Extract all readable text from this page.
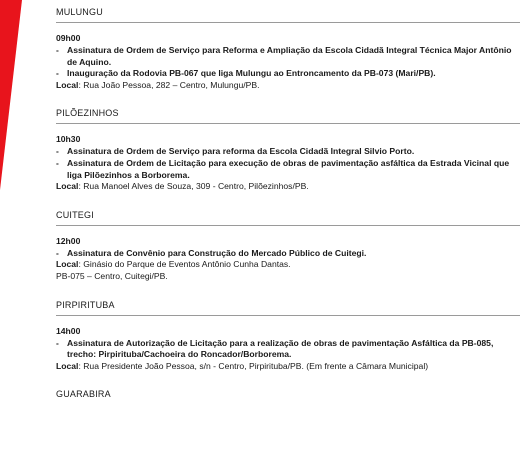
MULUNGU
09h00
- Assinatura de Ordem de Serviço para Reforma e Ampliação da Escola Cidadã Integral Técnica Major Antônio de Aquino.
- Inauguração da Rodovia PB-067 que liga Mulungu ao Entroncamento da PB-073 (Mari/PB).
Local: Rua João Pessoa, 282 – Centro, Mulungu/PB.
PILÕEZINHOS
10h30
- Assinatura de Ordem de Serviço para reforma da Escola Cidadã Integral Silvio Porto.
- Assinatura de Ordem de Licitação para execução de obras de pavimentação asfáltica da Estrada Vicinal que liga Pilõezinhos a Borborema.
Local: Rua Manoel Alves de Souza, 309 - Centro, Pilõezinhos/PB.
CUITEGI
12h00
- Assinatura de Convênio para Construção do Mercado Público de Cuitegi.
Local: Ginásio do Parque de Eventos Antônio Cunha Dantas.
PB-075 – Centro, Cuitegi/PB.
PIRPIRITUBA
14h00
- Assinatura de Autorização de Licitação para a realização de obras de pavimentação Asfáltica da PB-085, trecho: Pirpirituba/Cachoeira do Roncador/Borborema.
Local: Rua Presidente João Pessoa, s/n - Centro, Pirpirituba/PB. (Em frente a Câmara Municipal)
GUARABIRA
